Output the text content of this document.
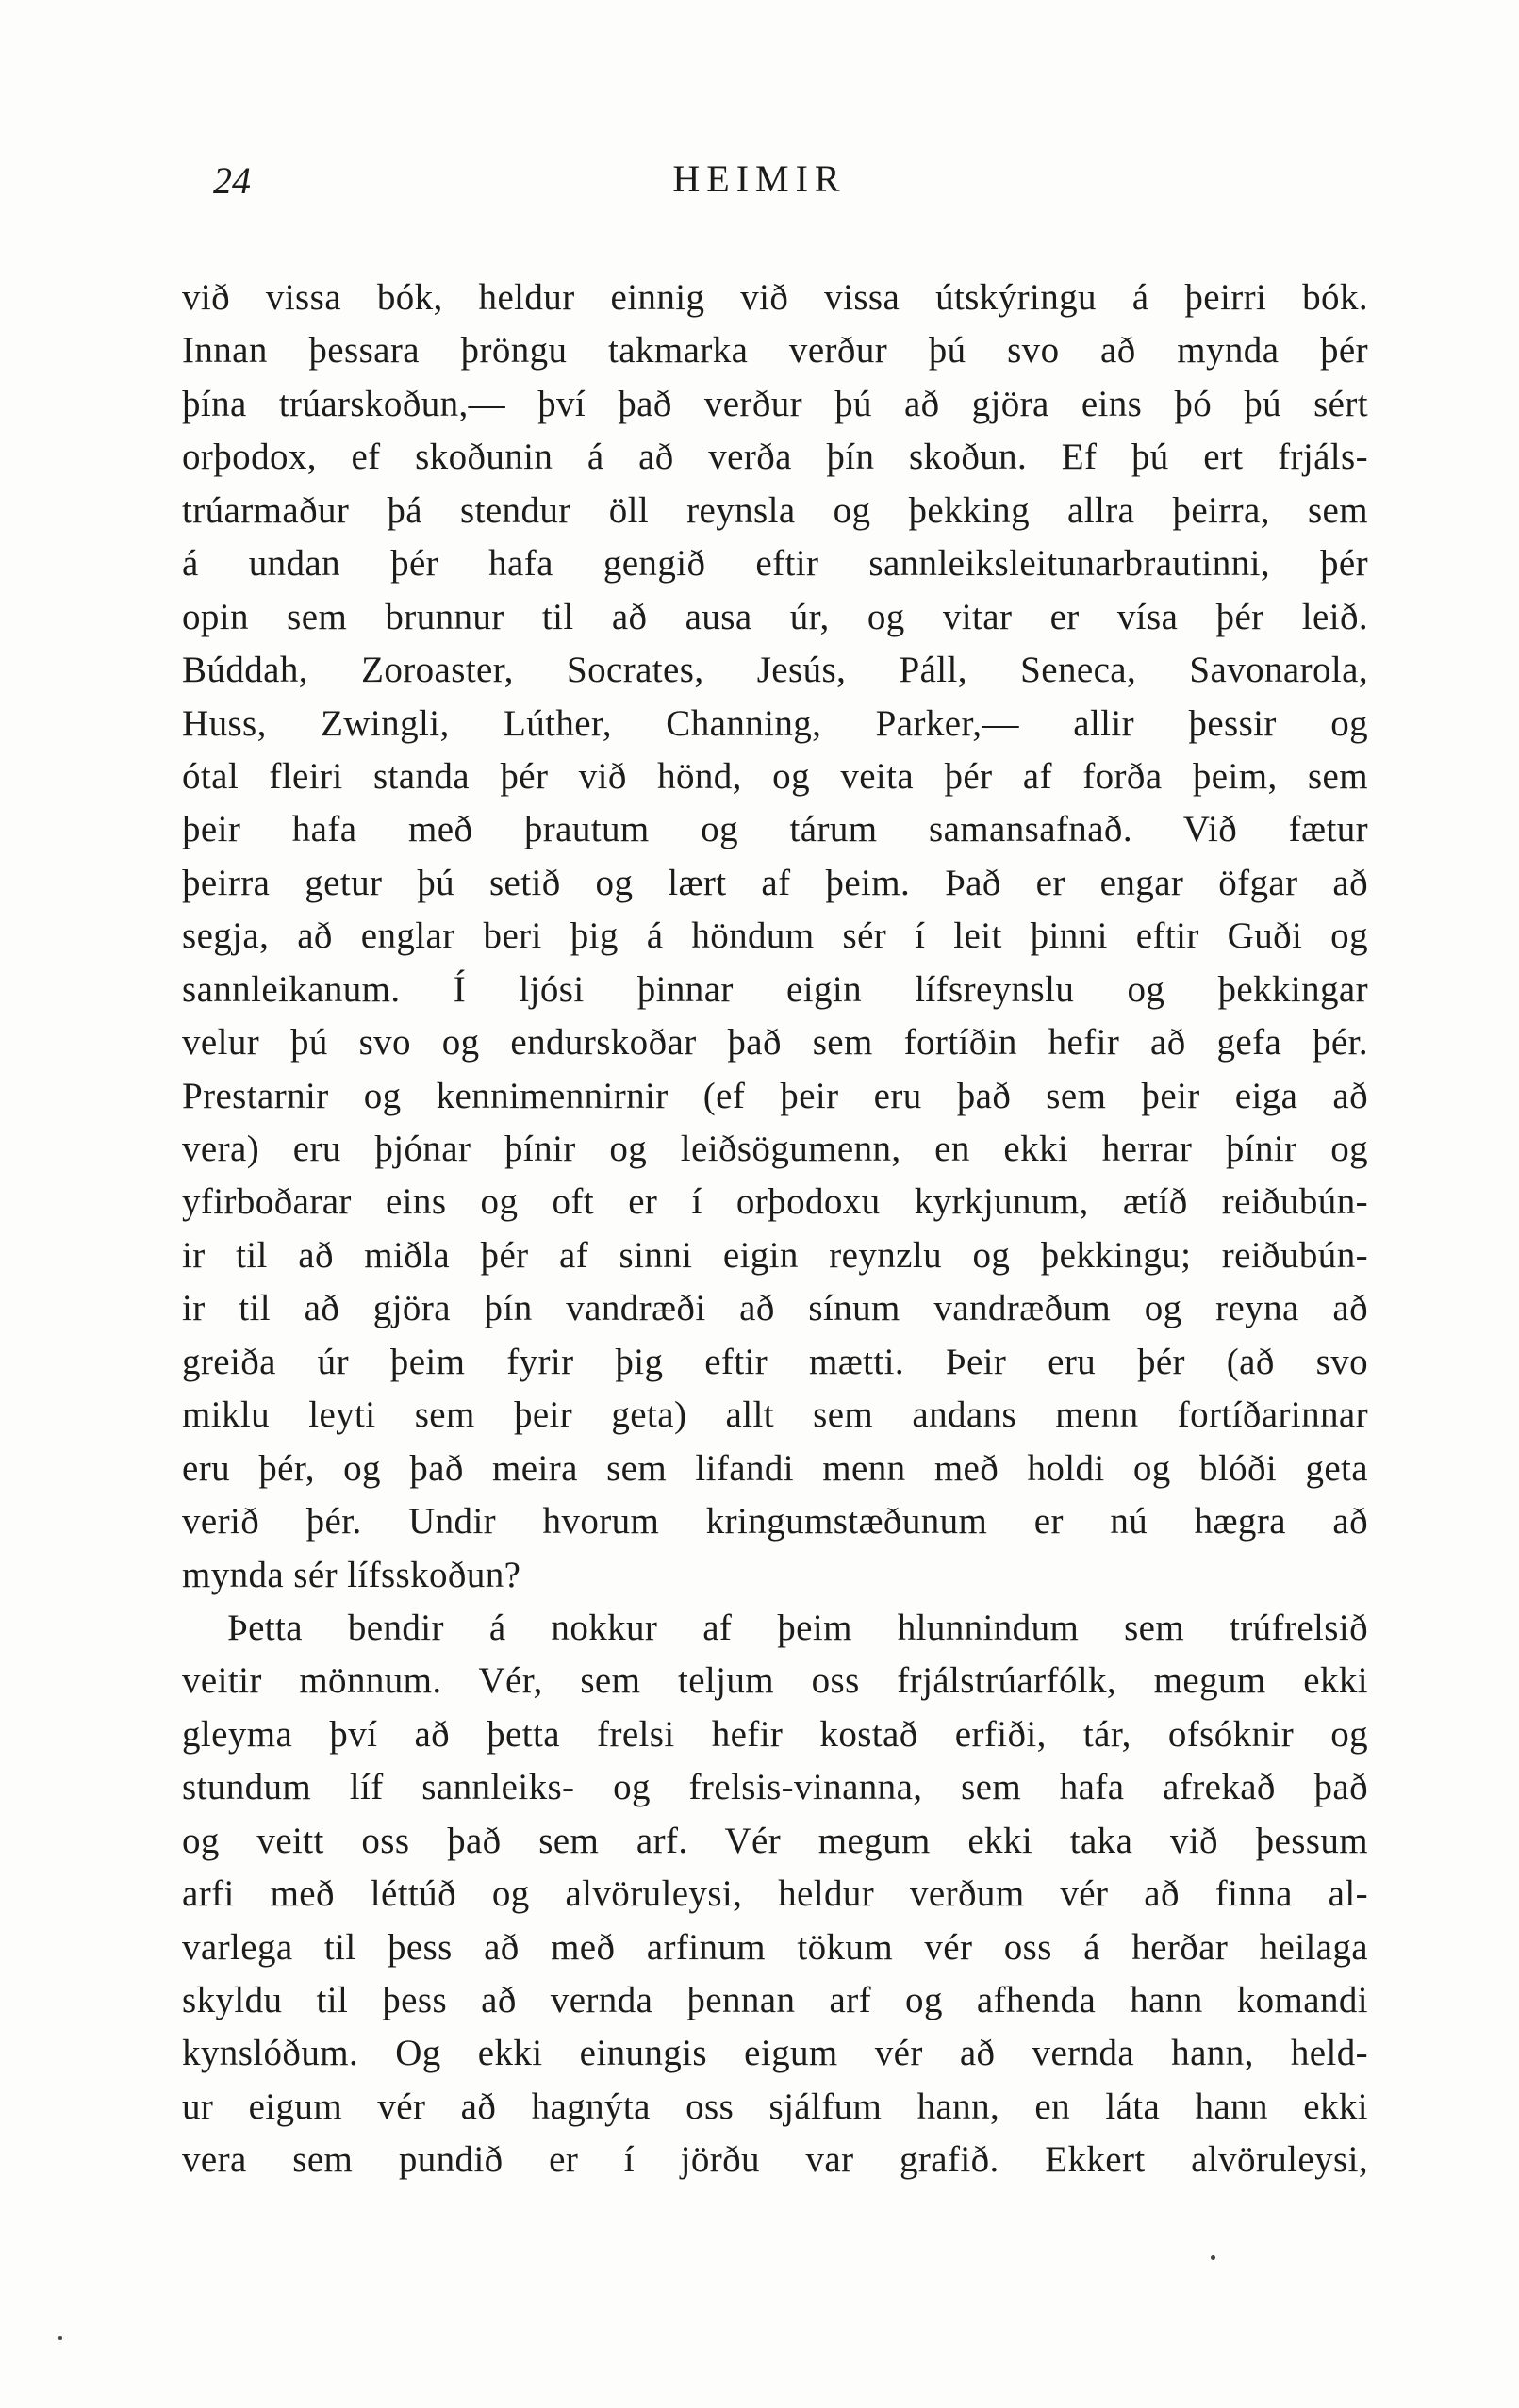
24	HEIMIR
við vissa bók, heldur einnig við vissa útskýringu á þeirri bók.
Innan þessara þröngu takmarka verður þú svo að mynda þér
þína trúarskoðun,— því það verður þú að gjöra eins þó þú sért
orþodox, ef skoðunin á að verða þín skoðun. Ef þú ert frjáls-
trúarmaður þá stendur öll reynsla og þekking allra þeirra, sem
á undan þér hafa gengið eftir sannleiksleitunarbrautinni, þér
opin sem brunnur til að ausa úr, og vitar er vísa þér leið.
Búddah, Zoroaster, Socrates, Jesús, Páll, Seneca, Savonarola,
Huss, Zwingli, Lúther, Channing, Parker,— allir þessir og
ótal fleiri standa þér við hönd, og veita þér af forða þeim, sem
þeir hafa með þrautum og tárum samansafnað. Við fætur
þeirra getur þú setið og lært af þeim. Það er engar öfgar að
segja, að englar beri þig á höndum sér í leit þinni eftir Guði og
sannleikanum. Í ljósi þinnar eigin lífsreynslu og þekkingar
velur þú svo og endurskoðar það sem fortíðin hefir að gefa þér.
Prestarnir og kennimennirnir (ef þeir eru það sem þeir eiga að
vera) eru þjónar þínir og leiðsögumenn, en ekki herrar þínir og
yfirboðarar eins og oft er í orþodoxu kyrkjunum, ætíð reiðubún-
ir til að miðla þér af sinni eigin reynzlu og þekkingu; reiðubún-
ir til að gjöra þín vandræði að sínum vandræðum og reyna að
greiða úr þeim fyrir þig eftir mætti. Þeir eru þér (að svo
miklu leyti sem þeir geta) allt sem andans menn fortíðarinnar
eru þér, og það meira sem lifandi menn með holdi og blóði geta
verið þér. Undir hvorum kringumstæðunum er nú hægra að
mynda sér lífsskoðun?
Þetta bendir á nokkur af þeim hlunnindum sem trúfrelsið
veitir mönnum. Vér, sem teljum oss frjálstrúarfólk, megum ekki
gleyma því að þetta frelsi hefir kostað erfiði, tár, ofsóknir og
stundum líf sannleiks- og frelsis-vinanna, sem hafa afrekað það
og veitt oss það sem arf. Vér megum ekki taka við þessum
arfi með léttúð og alvöruleysi, heldur verðum vér að finna al-
varlega til þess að með arfinum tökum vér oss á herðar heilaga
skyldu til þess að vernda þennan arf og afhenda hann komandi
kynslóðum. Og ekki einungis eigum vér að vernda hann, held-
ur eigum vér að hagnýta oss sjálfum hann, en láta hann ekki
vera sem pundið er í jörðu var grafið. Ekkert alvöruleysi,
